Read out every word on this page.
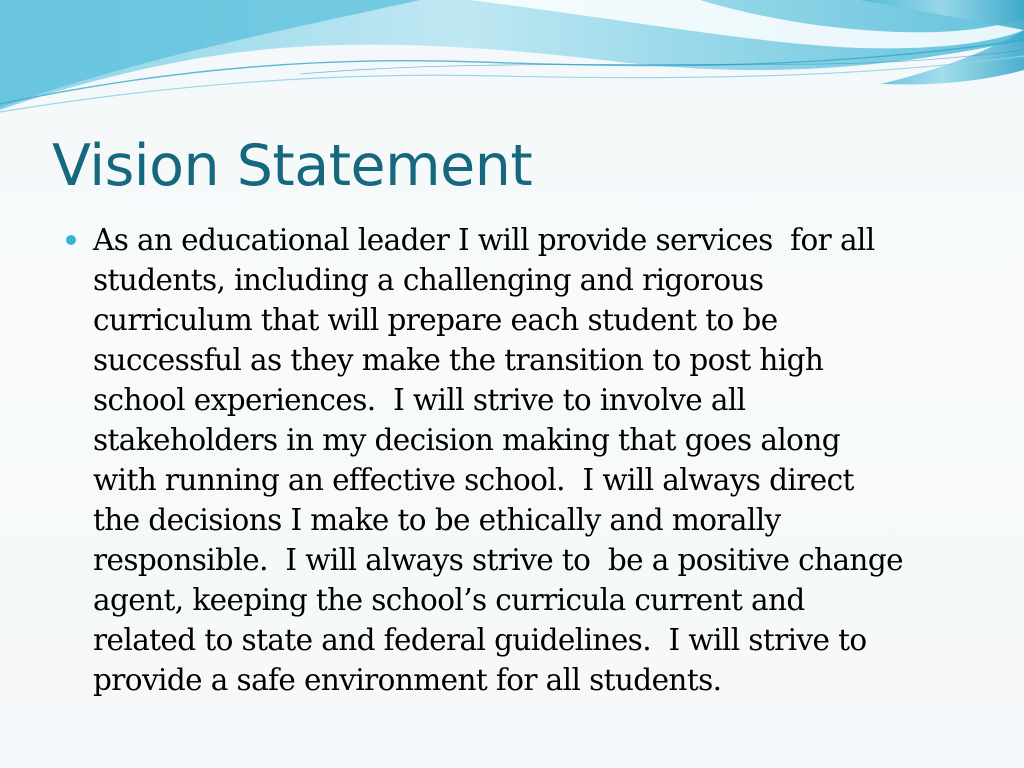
Vision Statement

As an educational leader I will provide services  for all
students, including a challenging and rigorous
curriculum that will prepare each student to be
successful as they make the transition to post high
school experiences.  I will strive to involve all
stakeholders in my decision making that goes along
with running an effective school.  I will always direct
the decisions I make to be ethically and morally
responsible.  I will always strive to  be a positive change
agent, keeping the school’s curricula current and
related to state and federal guidelines.  I will strive to
provide a safe environment for all students.
